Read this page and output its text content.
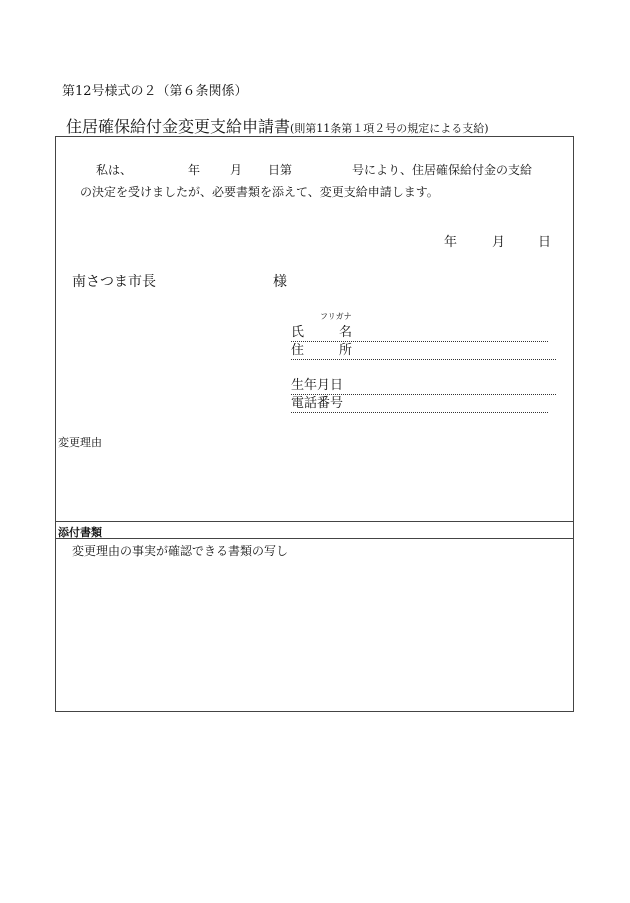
第12号様式の２（第６条関係）
住居確保給付金変更支給申請書(則第11条第１項２号の規定による支給)
私は、	年 月 日第	号により、住居確保給付金の支給
の決定を受けましたが、必要書類を添えて、変更支給申請します。
年	月	日
南さつま市長	様
フリガナ
氏	名
住	所
生年月日
電話番号
変更理由
添付書類
変更理由の事実が確認できる書類の写し
